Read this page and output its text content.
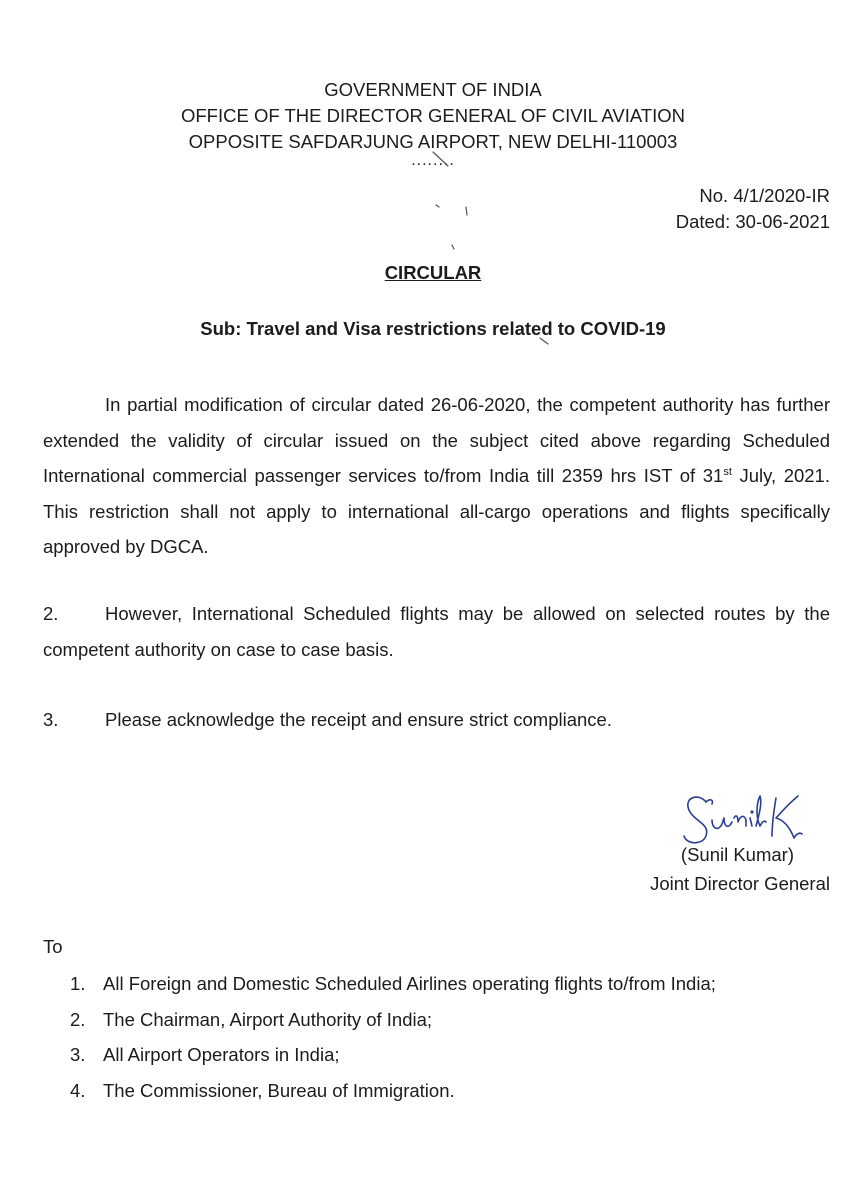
GOVERNMENT OF INDIA
OFFICE OF THE DIRECTOR GENERAL OF CIVIL AVIATION
OPPOSITE SAFDARJUNG AIRPORT, NEW DELHI-110003
........
No. 4/1/2020-IR
Dated: 30-06-2021
CIRCULAR
Sub: Travel and Visa restrictions related to COVID-19
In partial modification of circular dated 26-06-2020, the competent authority has further extended the validity of circular issued on the subject cited above regarding Scheduled International commercial passenger services to/from India till 2359 hrs IST of 31st July, 2021. This restriction shall not apply to international all-cargo operations and flights specifically approved by DGCA.
2.	However, International Scheduled flights may be allowed on selected routes by the competent authority on case to case basis.
3.	Please acknowledge the receipt and ensure strict compliance.
(Sunil Kumar)
Joint Director General
To
1. All Foreign and Domestic Scheduled Airlines operating flights to/from India;
2. The Chairman, Airport Authority of India;
3. All Airport Operators in India;
4. The Commissioner, Bureau of Immigration.
